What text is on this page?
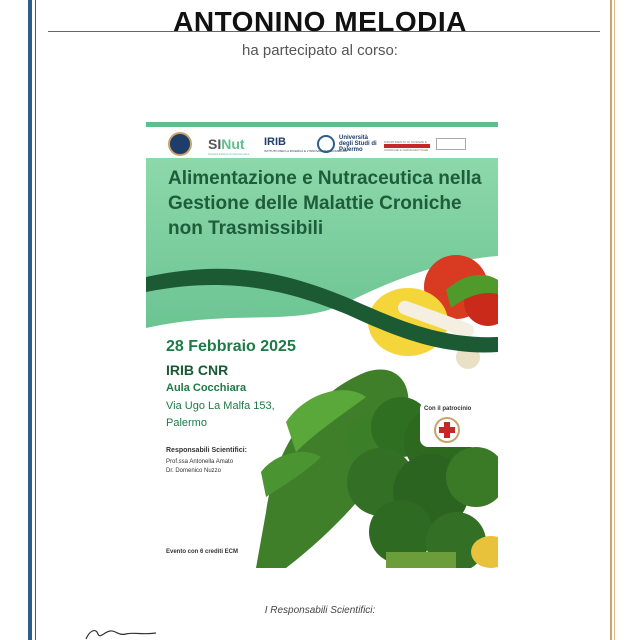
ANTONINO MELODIA
ha partecipato al corso:
SINut
Società Italiana di Nutraceutica
IRIB
ISTITUTO PER LA RICERCA E L'INNOVAZIONE BIOMEDICA
Università degli Studi di Palermo
DIPARTIMENTO DI SCIENZE E CHIMICHE E FARMACEUTICHE
Alimentazione e Nutraceutica nella Gestione delle Malattie Croniche non Trasmissibili
28 Febbraio 2025
IRIB CNR
Aula Cocchiara
Via Ugo La Malfa 153, Palermo
Responsabili Scientifici:
Prof.ssa Antonella Amato
Dr. Domenico Nuzzo
Con il patrocinio
Evento con 6 crediti ECM
I Responsabili Scientifici:
